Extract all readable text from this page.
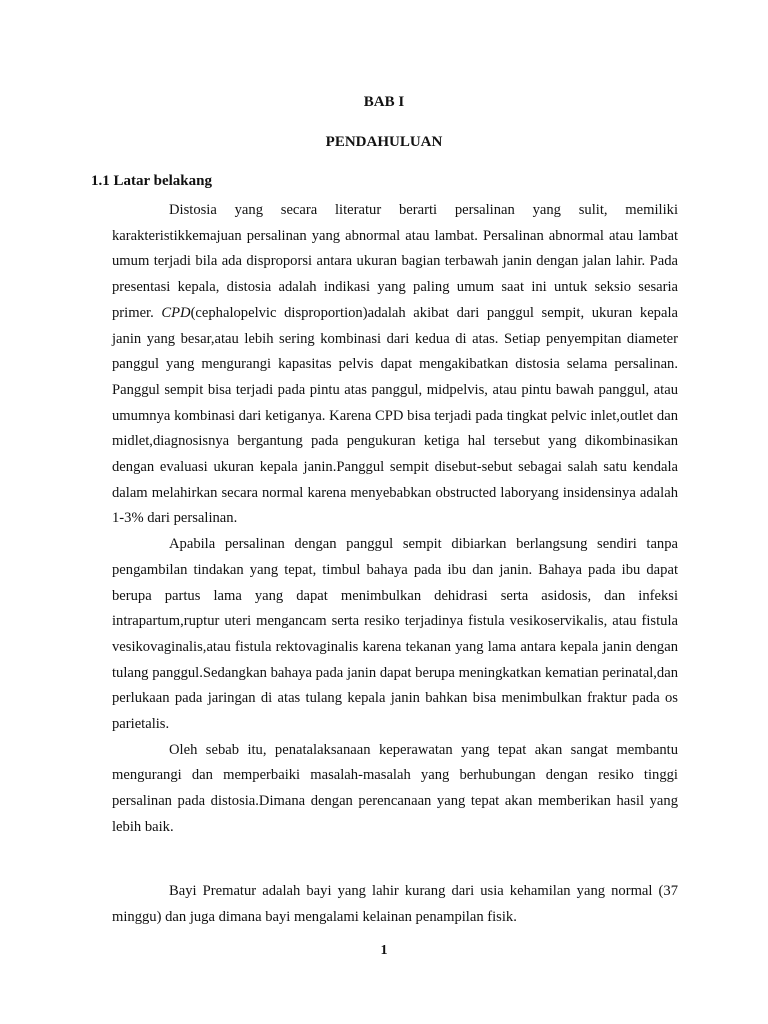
BAB I
PENDAHULUAN
1.1 Latar belakang

Distosia yang secara literatur berarti persalinan yang sulit, memiliki karakteristikkemajuan persalinan yang abnormal atau lambat. Persalinan abnormal atau lambat umum terjadi bila ada disproporsi antara ukuran bagian terbawah janin dengan jalan lahir. Pada presentasi kepala, distosia adalah indikasi yang paling umum saat ini untuk seksio sesaria primer. CPD(cephalopelvic disproportion)adalah akibat dari panggul sempit, ukuran kepala janin yang besar,atau lebih sering kombinasi dari kedua di atas. Setiap penyempitan diameter panggul yang mengurangi kapasitas pelvis dapat mengakibatkan distosia selama persalinan. Panggul sempit bisa terjadi pada pintu atas panggul, midpelvis, atau pintu bawah panggul, atau umumnya kombinasi dari ketiganya. Karena CPD bisa terjadi pada tingkat pelvic inlet,outlet dan midlet,diagnosisnya bergantung pada pengukuran ketiga hal tersebut yang dikombinasikan dengan evaluasi ukuran kepala janin.Panggul sempit disebut-sebut sebagai salah satu kendala dalam melahirkan secara normal karena menyebabkan obstructed laboryang insidensinya adalah 1-3% dari persalinan.

Apabila persalinan dengan panggul sempit dibiarkan berlangsung sendiri tanpa pengambilan tindakan yang tepat, timbul bahaya pada ibu dan janin. Bahaya pada ibu dapat berupa partus lama yang dapat menimbulkan dehidrasi serta asidosis, dan infeksi intrapartum,ruptur uteri mengancam serta resiko terjadinya fistula vesikoservikalis, atau fistula vesikovaginalis,atau fistula rektovaginalis karena tekanan yang lama antara kepala janin dengan tulang panggul.Sedangkan bahaya pada janin dapat berupa meningkatkan kematian perinatal,dan perlukaan pada jaringan di atas tulang kepala janin bahkan bisa menimbulkan fraktur pada os parietalis.

Oleh sebab itu, penatalaksanaan keperawatan yang tepat akan sangat membantu mengurangi dan memperbaiki masalah-masalah yang berhubungan dengan resiko tinggi persalinan pada distosia.Dimana dengan perencanaan yang tepat akan memberikan hasil yang lebih baik.

Bayi Prematur adalah bayi yang lahir kurang dari usia kehamilan yang normal (37 minggu) dan juga dimana bayi mengalami kelainan penampilan fisik.

1
